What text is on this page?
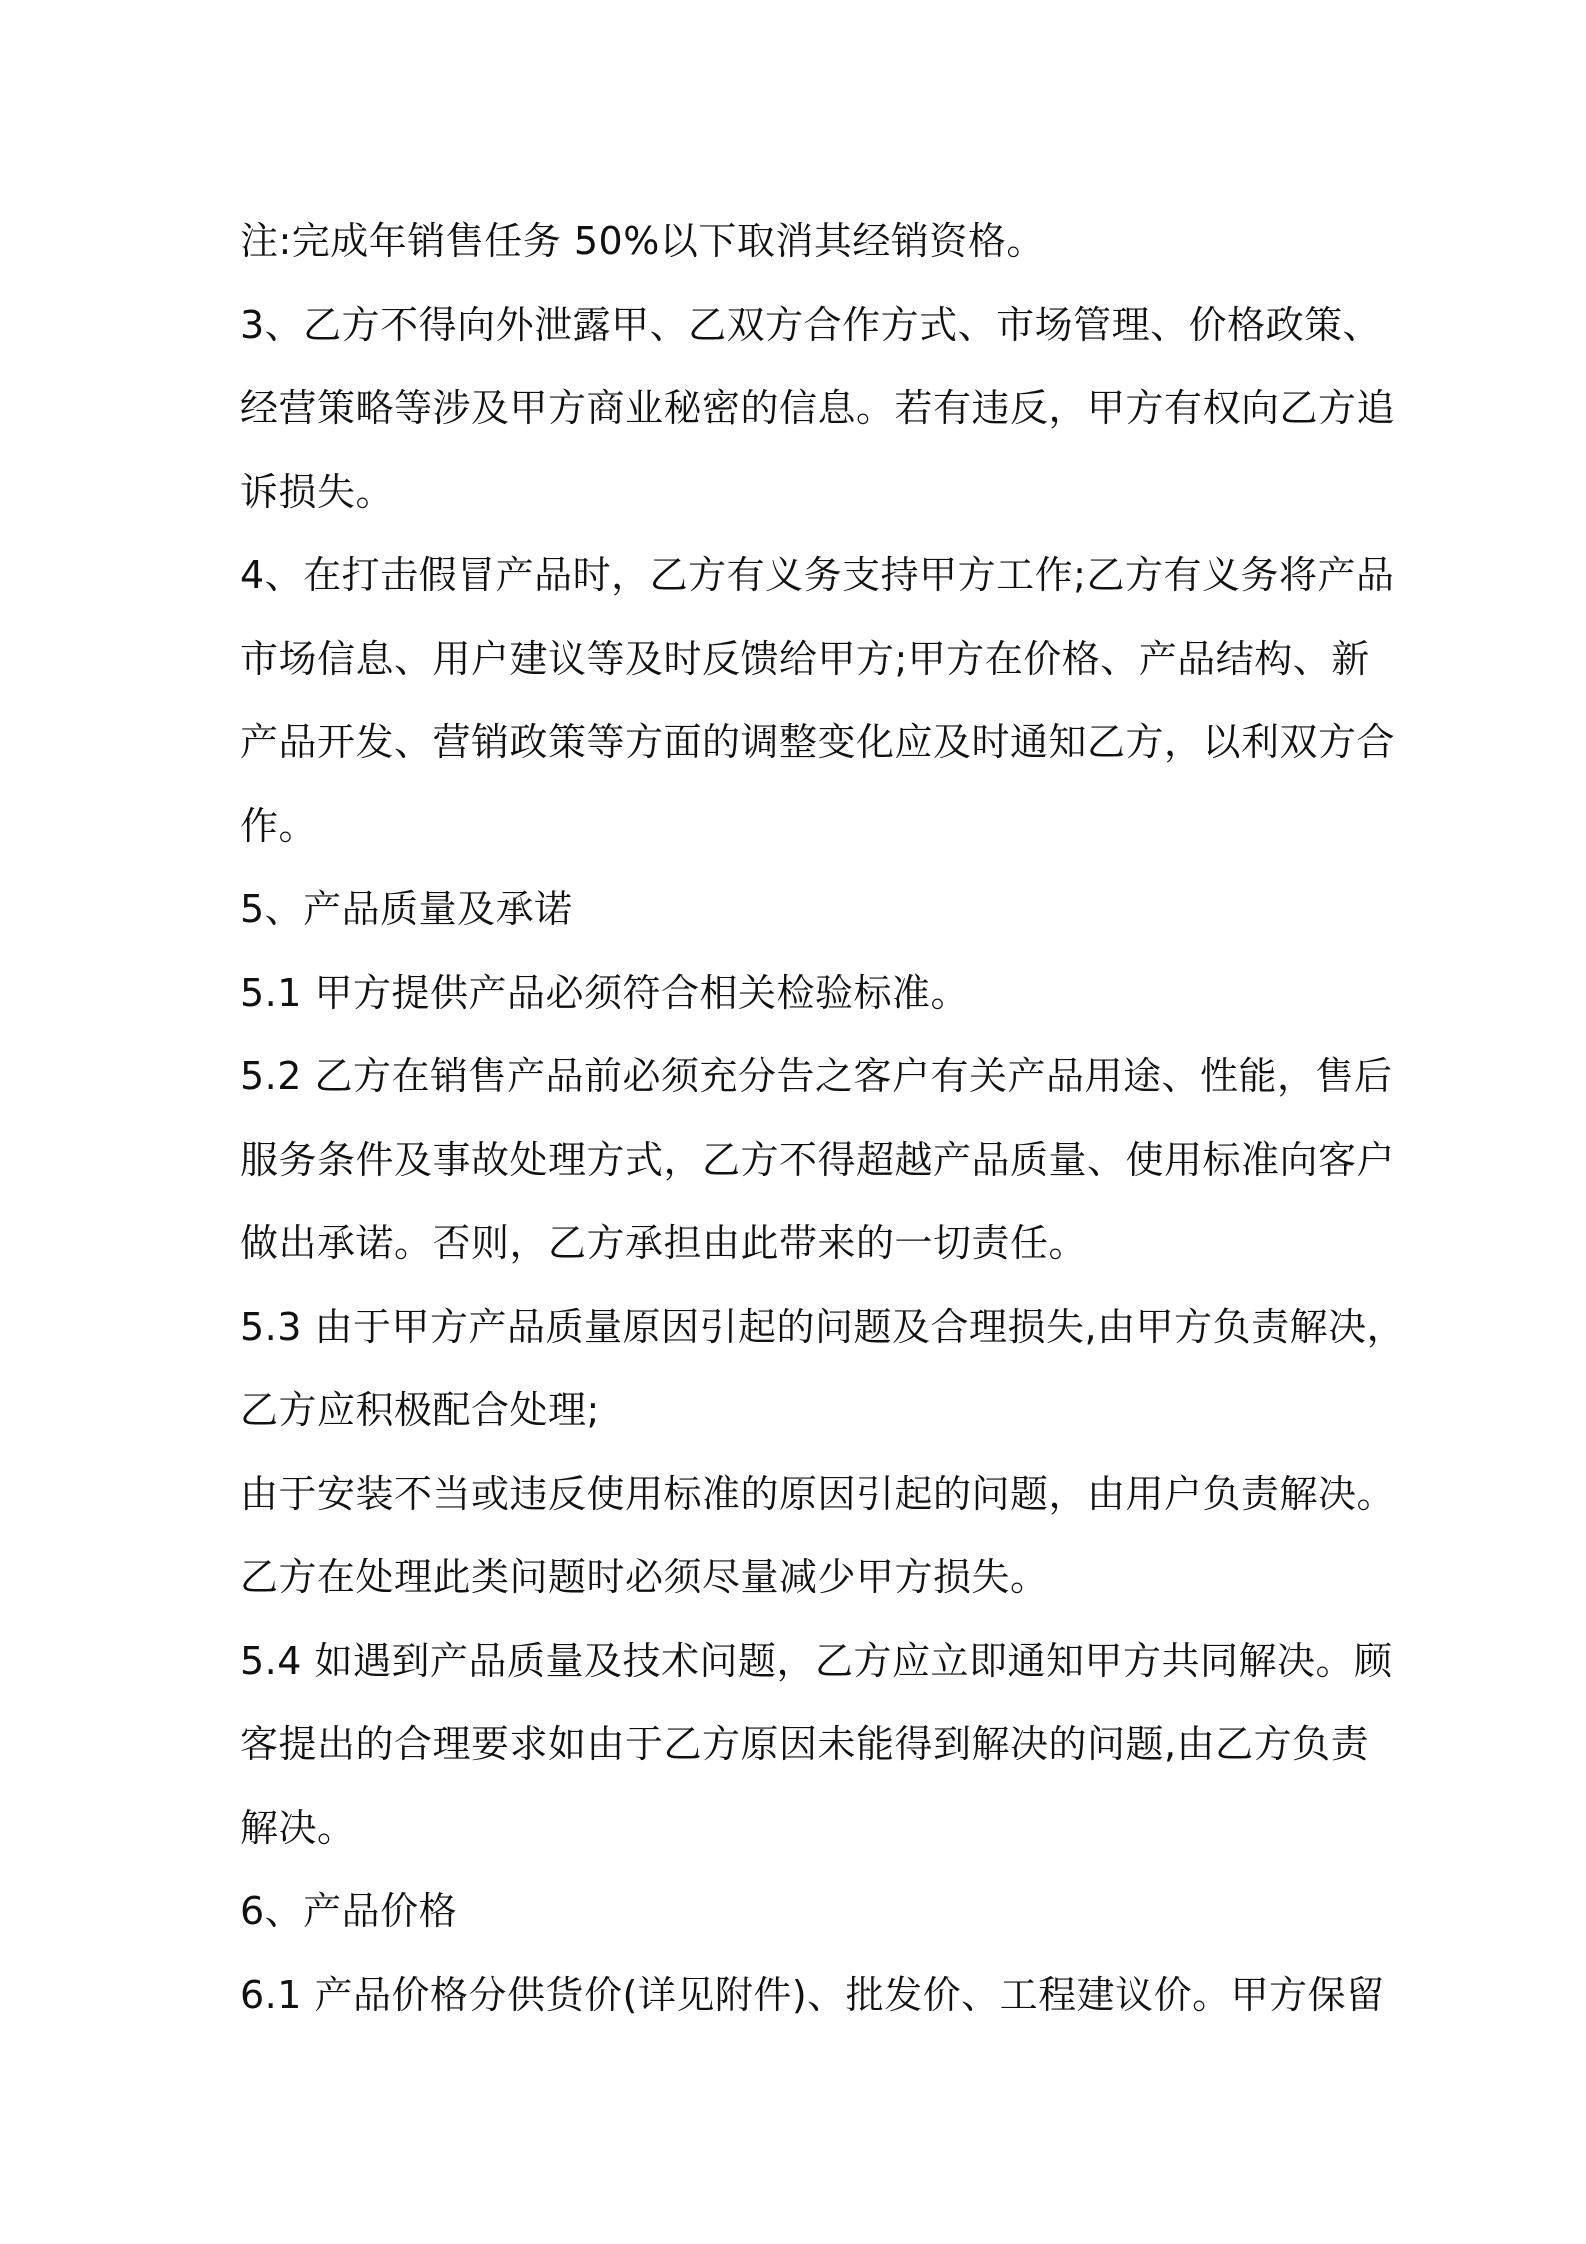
注:完成年销售任务 50%以下取消其经销资格。
3、乙方不得向外泄露甲、乙双方合作方式、市场管理、价格政策、
经营策略等涉及甲方商业秘密的信息。若有违反，甲方有权向乙方追
诉损失。
4、在打击假冒产品时，乙方有义务支持甲方工作;乙方有义务将产品
市场信息、用户建议等及时反馈给甲方;甲方在价格、产品结构、新
产品开发、营销政策等方面的调整变化应及时通知乙方，以利双方合
作。
5、产品质量及承诺
5.1 甲方提供产品必须符合相关检验标准。
5.2 乙方在销售产品前必须充分告之客户有关产品用途、性能，售后
服务条件及事故处理方式，乙方不得超越产品质量、使用标准向客户
做出承诺。否则，乙方承担由此带来的一切责任。
5.3 由于甲方产品质量原因引起的问题及合理损失,由甲方负责解决，
乙方应积极配合处理;
由于安装不当或违反使用标准的原因引起的问题，由用户负责解决。
乙方在处理此类问题时必须尽量减少甲方损失。
5.4 如遇到产品质量及技术问题，乙方应立即通知甲方共同解决。顾
客提出的合理要求如由于乙方原因未能得到解决的问题,由乙方负责
解决。
6、产品价格
6.1 产品价格分供货价(详见附件)、批发价、工程建议价。甲方保留
